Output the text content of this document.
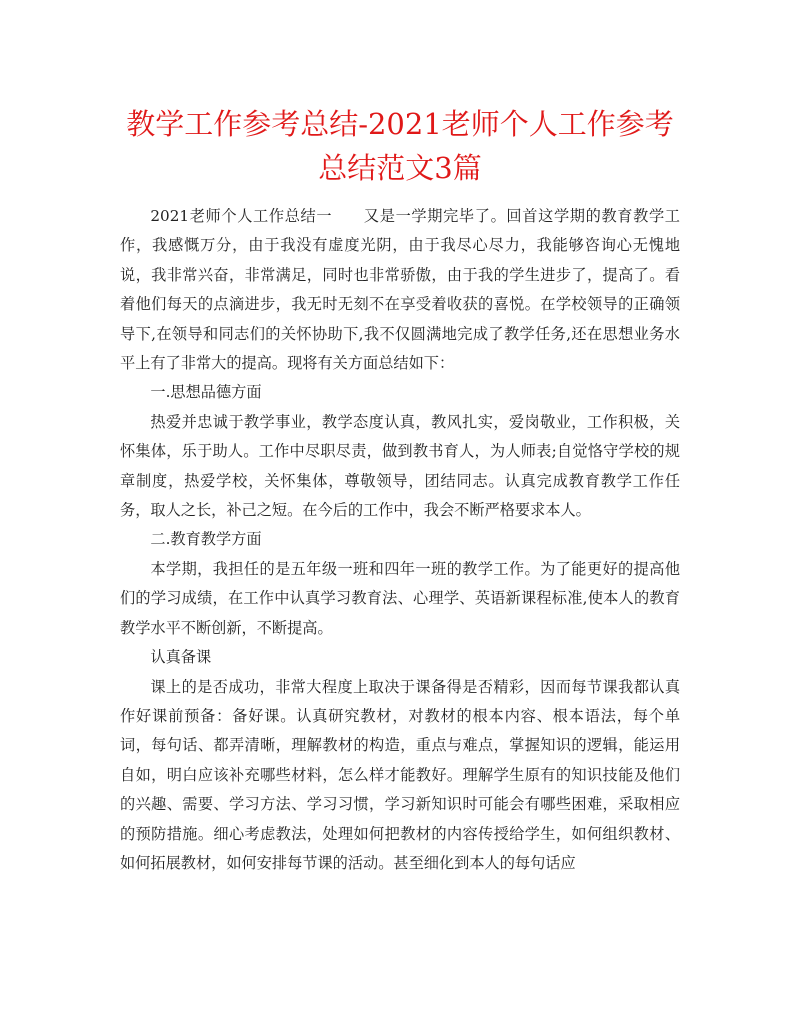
教学工作参考总结-2021老师个人工作参考总结范文3篇

2021老师个人工作总结一　　又是一学期完毕了。回首这学期的教育教学工作，我感慨万分，由于我没有虚度光阴，由于我尽心尽力，我能够咨询心无愧地说，我非常兴奋，非常满足，同时也非常骄傲，由于我的学生进步了，提高了。看着他们每天的点滴进步，我无时无刻不在享受着收获的喜悦。在学校领导的正确领导下,在领导和同志们的关怀协助下,我不仅圆满地完成了教学任务,还在思想业务水平上有了非常大的提高。现将有关方面总结如下：

一.思想品德方面

热爱并忠诚于教学事业，教学态度认真，教风扎实，爱岗敬业，工作积极，关怀集体，乐于助人。工作中尽职尽责，做到教书育人，为人师表;自觉恪守学校的规章制度，热爱学校，关怀集体，尊敬领导，团结同志。认真完成教育教学工作任务，取人之长，补己之短。在今后的工作中，我会不断严格要求本人。

二.教育教学方面

本学期，我担任的是五年级一班和四年一班的教学工作。为了能更好的提高他们的学习成绩，在工作中认真学习教育法、心理学、英语新课程标准,使本人的教育教学水平不断创新，不断提高。

认真备课

课上的是否成功，非常大程度上取决于课备得是否精彩，因而每节课我都认真作好课前预备：备好课。认真研究教材，对教材的根本内容、根本语法，每个单词，每句话、都弄清晰，理解教材的构造，重点与难点，掌握知识的逻辑，能运用自如，明白应该补充哪些材料，怎么样才能教好。理解学生原有的知识技能及他们的兴趣、需要、学习方法、学习习惯，学习新知识时可能会有哪些困难，采取相应的预防措施。细心考虑教法，处理如何把教材的内容传授给学生，如何组织教材、如何拓展教材，如何安排每节课的活动。甚至细化到本人的每句话应
